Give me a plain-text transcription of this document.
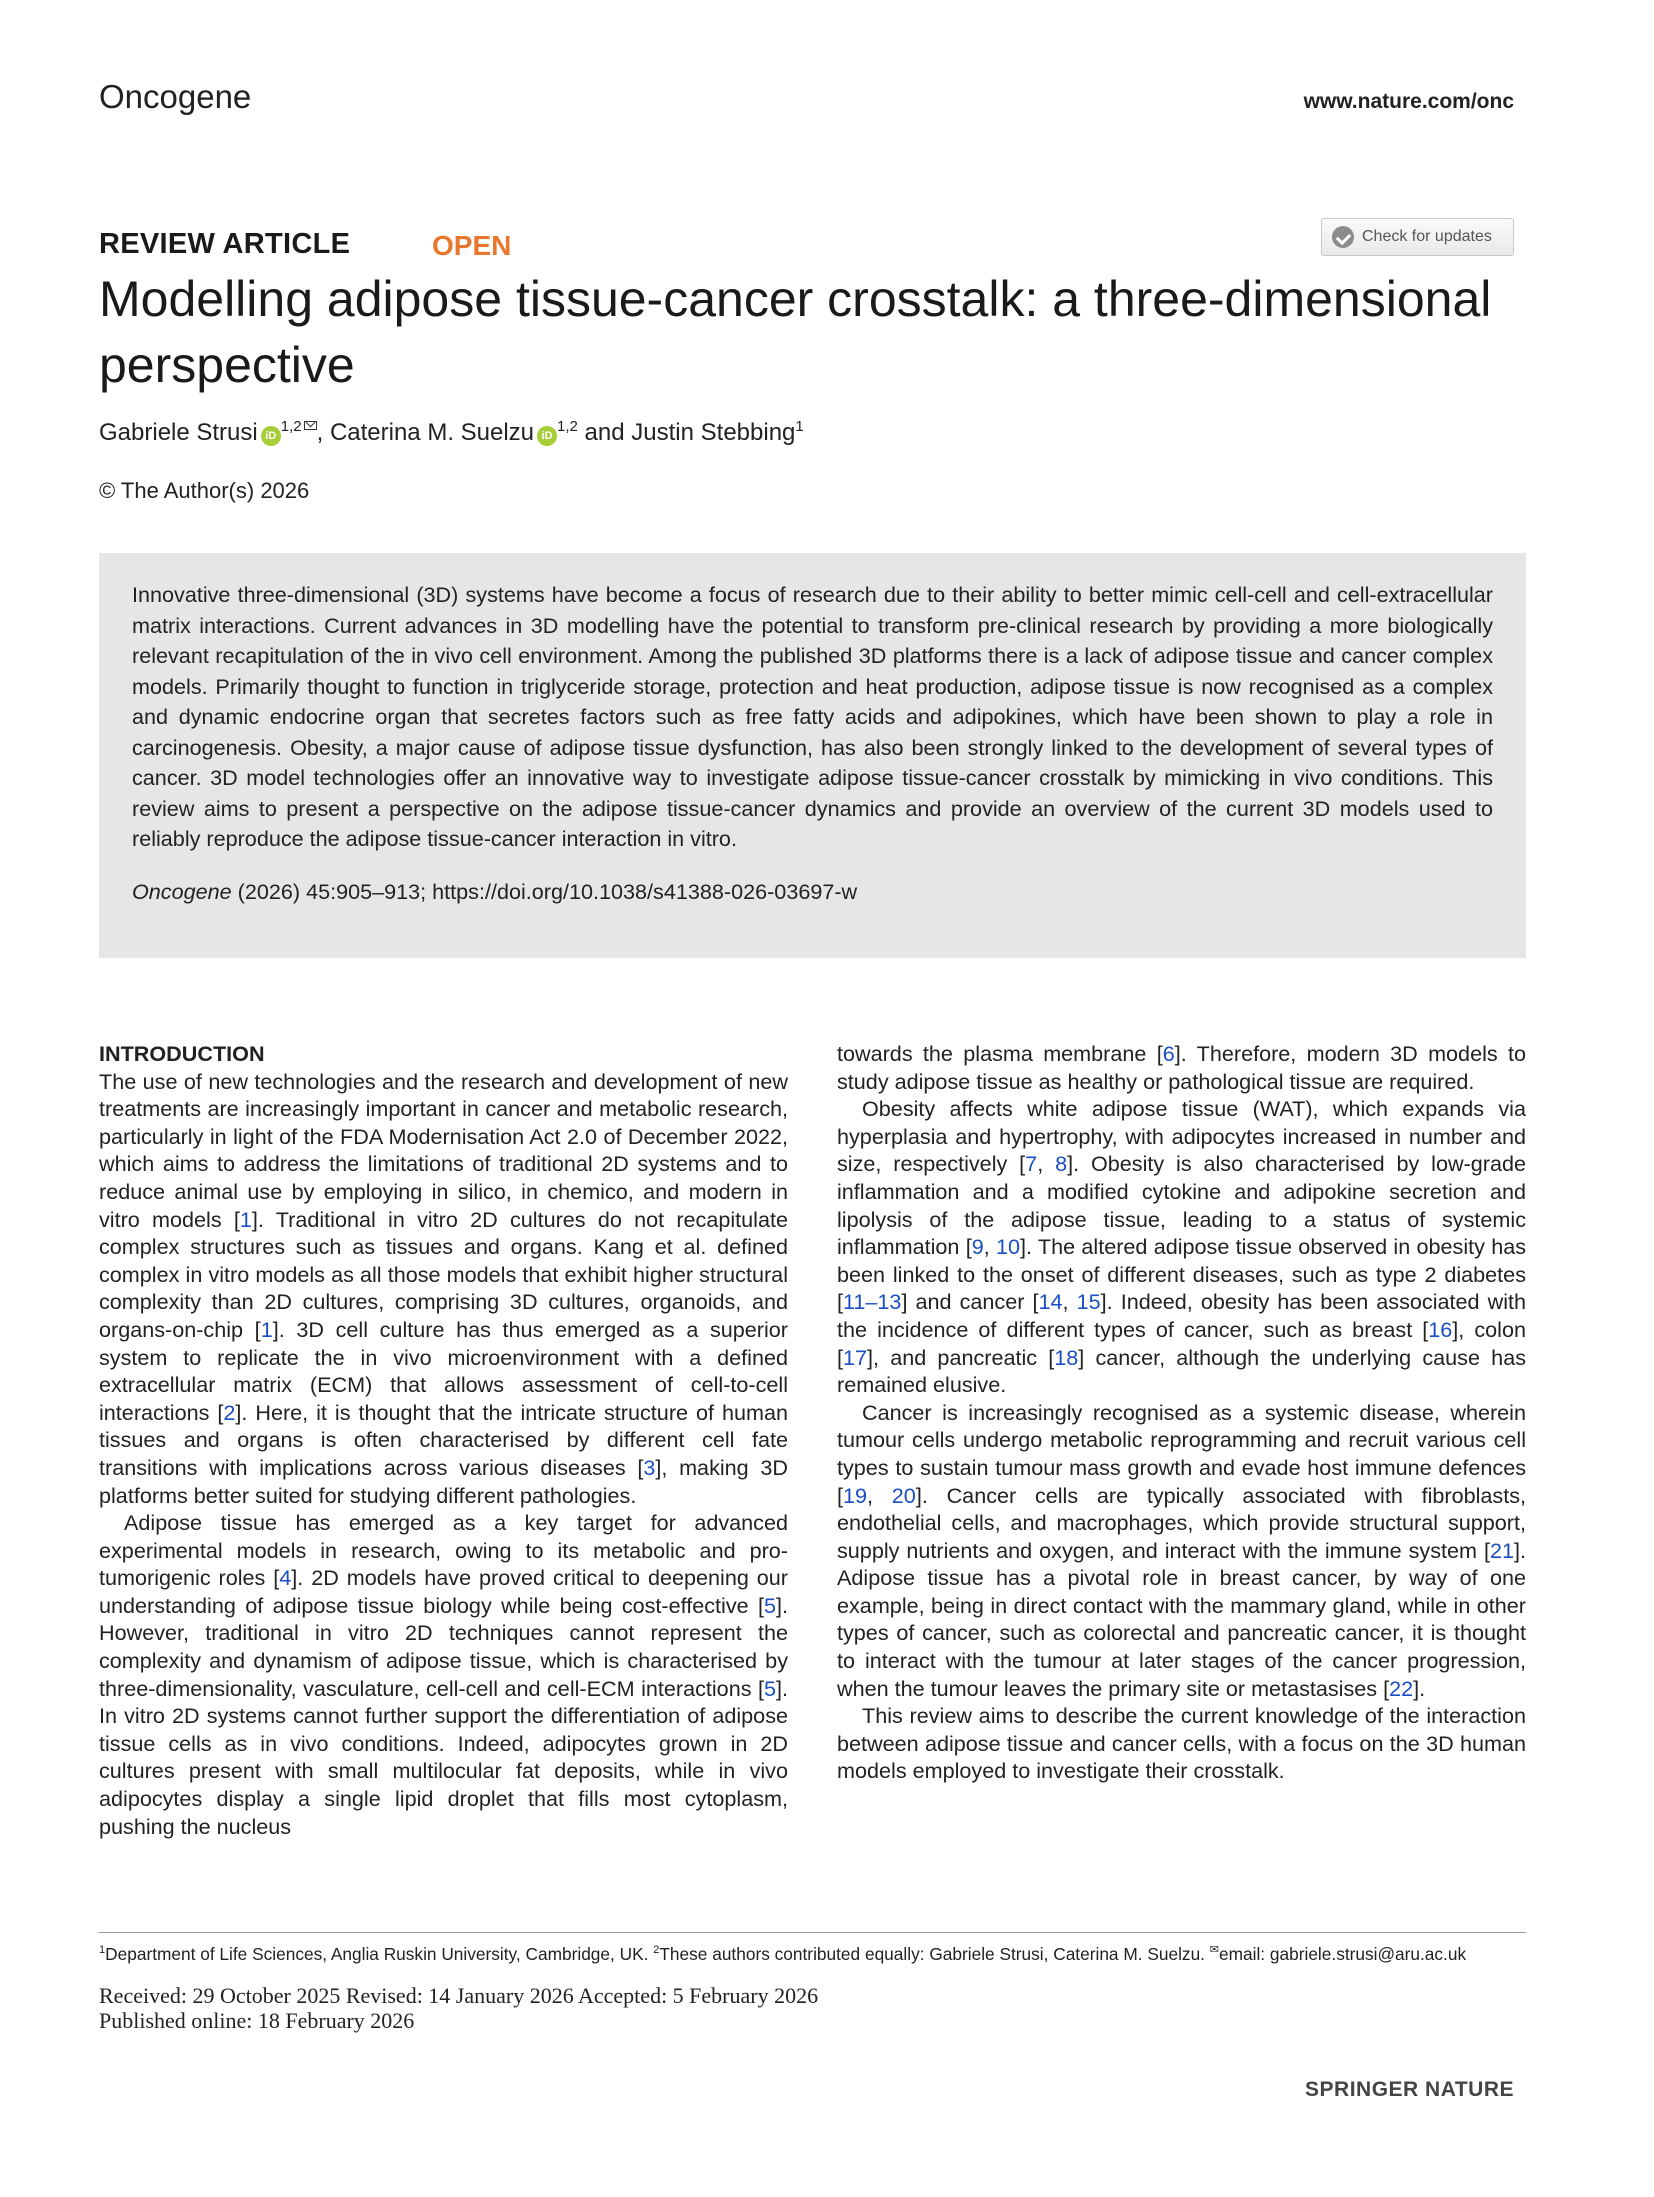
Oncogene	www.nature.com/onc
REVIEW ARTICLE	OPEN	Check for updates
Modelling adipose tissue-cancer crosstalk: a three-dimensional perspective
Gabriele Strusi iD$^{1,2}$ , Caterina M. Suelzu iD$^{1,2}$ and Justin Stebbing$^1$
© The Author(s) 2026
Innovative three-dimensional (3D) systems have become a focus of research due to their ability to better mimic cell-cell and cell-extracellular matrix interactions. Current advances in 3D modelling have the potential to transform pre-clinical research by providing a more biologically relevant recapitulation of the in vivo cell environment. Among the published 3D platforms there is a lack of adipose tissue and cancer complex models. Primarily thought to function in triglyceride storage, protection and heat production, adipose tissue is now recognised as a complex and dynamic endocrine organ that secretes factors such as free fatty acids and adipokines, which have been shown to play a role in carcinogenesis. Obesity, a major cause of adipose tissue dysfunction, has also been strongly linked to the development of several types of cancer. 3D model technologies offer an innovative way to investigate adipose tissue-cancer crosstalk by mimicking in vivo conditions. This review aims to present a perspective on the adipose tissue-cancer dynamics and provide an overview of the current 3D models used to reliably reproduce the adipose tissue-cancer interaction in vitro.
Oncogene (2026) 45:905–913; https://doi.org/10.1038/s41388-026-03697-w
INTRODUCTION

The use of new technologies and the research and development of new treatments are increasingly important in cancer and metabolic research, particularly in light of the FDA Modernisation Act 2.0 of December 2022, which aims to address the limitations of traditional 2D systems and to reduce animal use by employing in silico, in chemico, and modern in vitro models [1]. Traditional in vitro 2D cultures do not recapitulate complex structures such as tissues and organs. Kang et al. defined complex in vitro models as all those models that exhibit higher structural complexity than 2D cultures, comprising 3D cultures, organoids, and organs-on-chip [1]. 3D cell culture has thus emerged as a superior system to replicate the in vivo microenvironment with a defined extracellular matrix (ECM) that allows assessment of cell-to-cell interactions [2]. Here, it is thought that the intricate structure of human tissues and organs is often characterised by different cell fate transitions with implications across various diseases [3], making 3D platforms better suited for studying different pathologies.

Adipose tissue has emerged as a key target for advanced experimental models in research, owing to its metabolic and pro-tumorigenic roles [4]. 2D models have proved critical to deepening our understanding of adipose tissue biology while being cost-effective [5]. However, traditional in vitro 2D techniques cannot represent the complexity and dynamism of adipose tissue, which is characterised by three-dimensionality, vasculature, cell-cell and cell-ECM interactions [5]. In vitro 2D systems cannot further support the differentiation of adipose tissue cells as in vivo conditions. Indeed, adipocytes grown in 2D cultures present with small multilocular fat deposits, while in vivo adipocytes display a single lipid droplet that fills most cytoplasm, pushing the nucleus

towards the plasma membrane [6]. Therefore, modern 3D models to study adipose tissue as healthy or pathological tissue are required.

Obesity affects white adipose tissue (WAT), which expands via hyperplasia and hypertrophy, with adipocytes increased in number and size, respectively [7, 8]. Obesity is also characterised by low-grade inflammation and a modified cytokine and adipokine secretion and lipolysis of the adipose tissue, leading to a status of systemic inflammation [9, 10]. The altered adipose tissue observed in obesity has been linked to the onset of different diseases, such as type 2 diabetes [11–13] and cancer [14, 15]. Indeed, obesity has been associated with the incidence of different types of cancer, such as breast [16], colon [17], and pancreatic [18] cancer, although the underlying cause has remained elusive.

Cancer is increasingly recognised as a systemic disease, wherein tumour cells undergo metabolic reprogramming and recruit various cell types to sustain tumour mass growth and evade host immune defences [19, 20]. Cancer cells are typically associated with fibroblasts, endothelial cells, and macrophages, which provide structural support, supply nutrients and oxygen, and interact with the immune system [21]. Adipose tissue has a pivotal role in breast cancer, by way of one example, being in direct contact with the mammary gland, while in other types of cancer, such as colorectal and pancreatic cancer, it is thought to interact with the tumour at later stages of the cancer progression, when the tumour leaves the primary site or metastasises [22].

This review aims to describe the current knowledge of the interaction between adipose tissue and cancer cells, with a focus on the 3D human models employed to investigate their crosstalk.

$^1$Department of Life Sciences, Anglia Ruskin University, Cambridge, UK. $^2$These authors contributed equally: Gabriele Strusi, Caterina M. Suelzu. ✉email: gabriele.strusi@aru.ac.uk
Received: 29 October 2025 Revised: 14 January 2026 Accepted: 5 February 2026
Published online: 18 February 2026
SPRINGER NATURE
